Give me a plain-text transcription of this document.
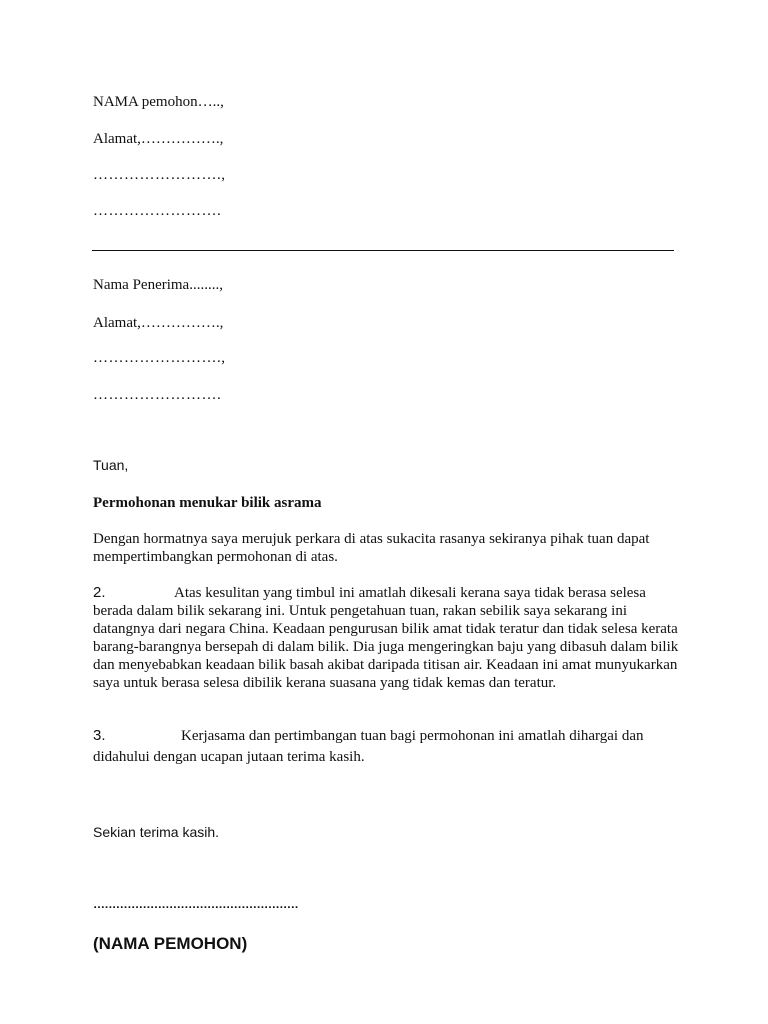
NAMA pemohon…..,
Alamat,…………….,
…………………….,
…………………….
Nama Penerima........,
Alamat,…………….,
…………………….,
…………………….
Tuan,
Permohonan menukar bilik asrama

Dengan hormatnya saya merujuk perkara di atas sukacita rasanya sekiranya pihak tuan dapat mempertimbangkan permohonan di atas.

2.	Atas kesulitan yang timbul ini amatlah dikesali kerana saya tidak berasa selesa

berada dalam bilik sekarang ini. Untuk pengetahuan tuan, rakan sebilik saya sekarang ini datangnya dari negara China. Keadaan pengurusan bilik amat tidak teratur dan tidak selesa kerata barang-barangnya bersepah di dalam bilik. Dia juga mengeringkan baju yang dibasuh dalam bilik dan menyebabkan keadaan bilik basah akibat daripada titisan air. Keadaan ini amat munyukarkan saya untuk berasa selesa dibilik kerana suasana yang tidak kemas dan teratur.

3.	Kerjasama dan pertimbangan tuan bagi permohonan ini amatlah dihargai dan

didahului dengan ucapan jutaan terima kasih.

Sekian terima kasih.
………………………………………………
(NAMA PEMOHON)
